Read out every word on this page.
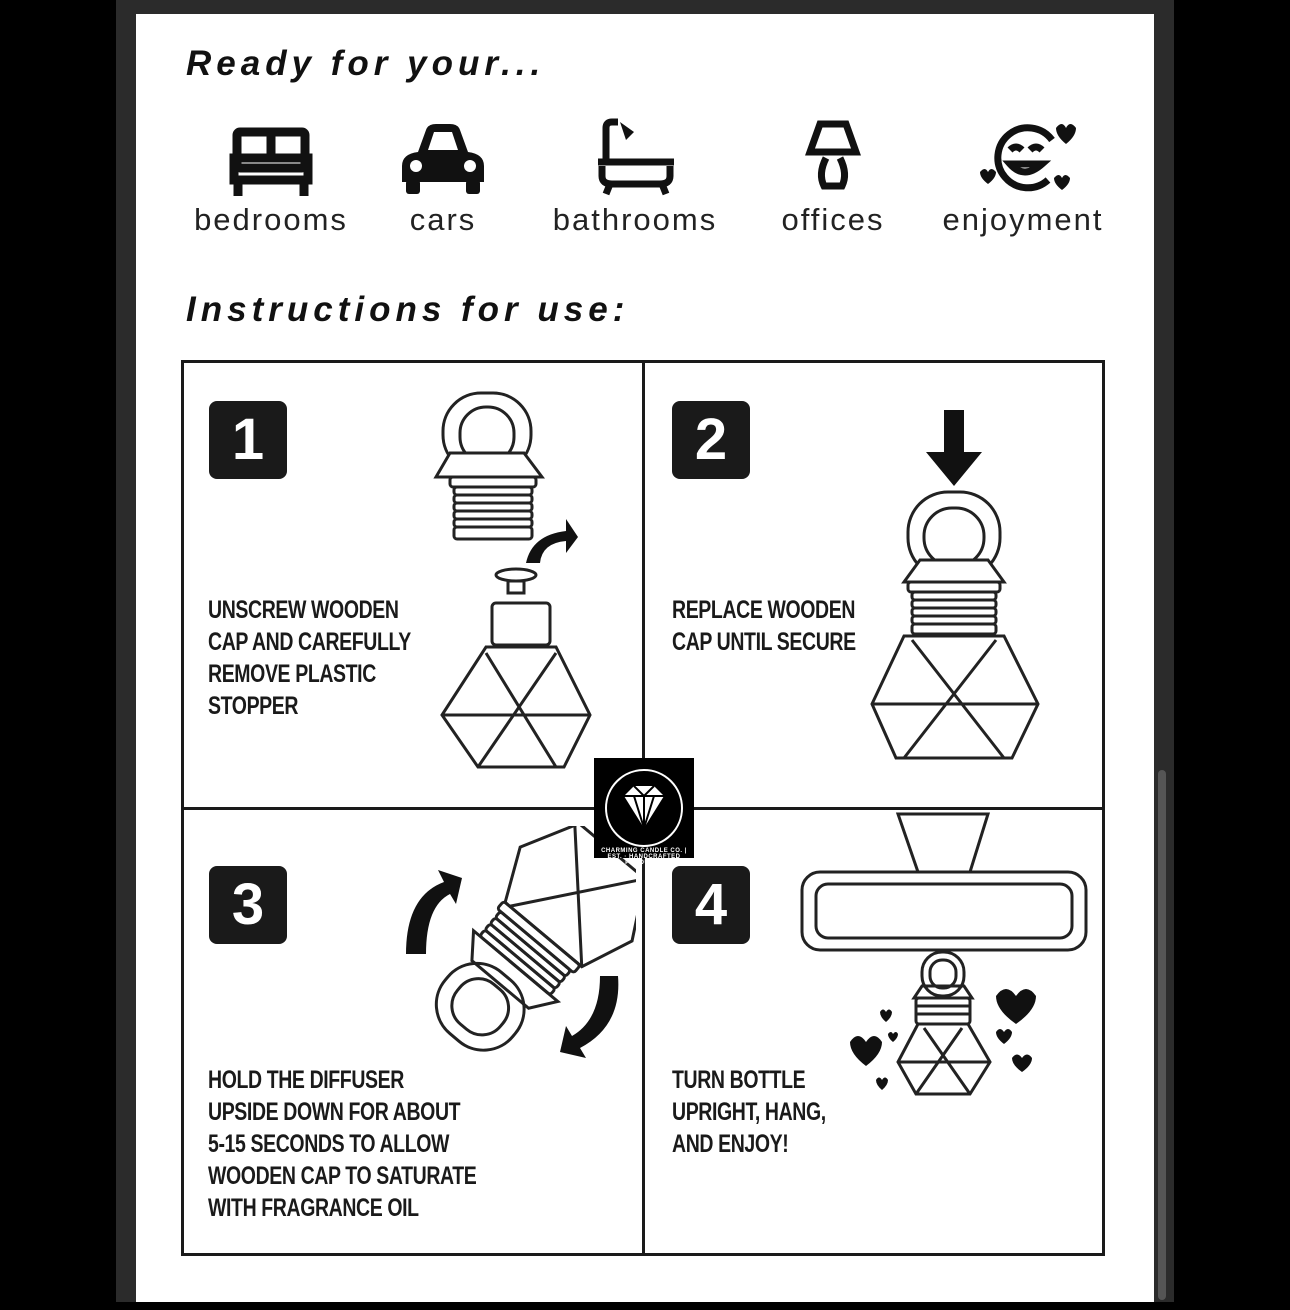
Ready for your...
bedrooms	cars	bathrooms	offices	enjoyment
Instructions for use:
1
UNSCREW WOODEN
CAP AND CAREFULLY
REMOVE PLASTIC
STOPPER
2
REPLACE WOODEN
CAP UNTIL SECURE
3
HOLD THE DIFFUSER
UPSIDE DOWN FOR ABOUT
5-15 SECONDS TO ALLOW
WOODEN CAP TO SATURATE
WITH FRAGRANCE OIL
4
TURN BOTTLE
UPRIGHT, HANG,
AND ENJOY!
CHARMING CANDLE CO. | EST. · HANDCRAFTED PRODUCTS
